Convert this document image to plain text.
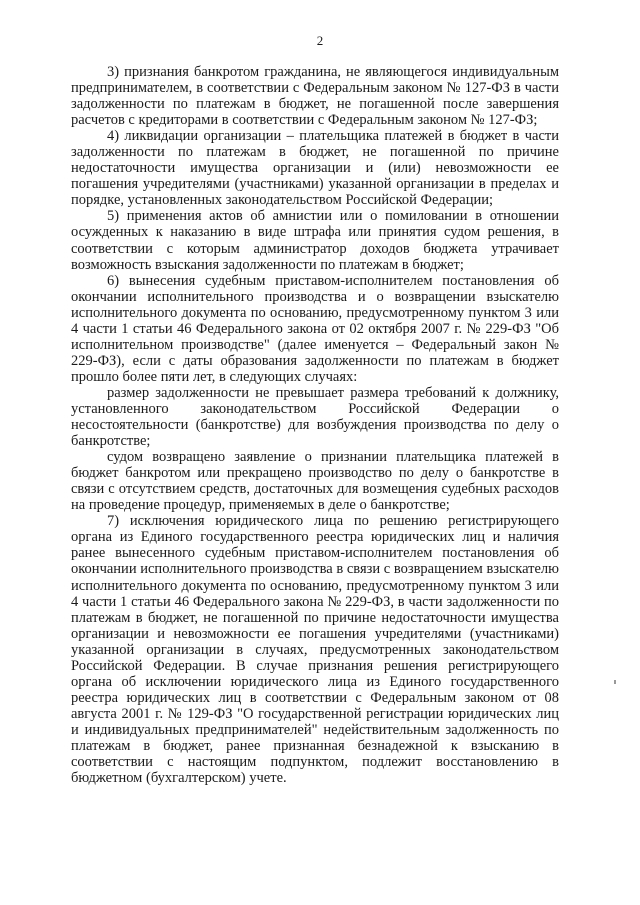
2

3) признания банкротом гражданина, не являющегося индивидуальным предпринимателем, в соответствии с Федеральным законом № 127-ФЗ в части задолженности по платежам в бюджет, не погашенной после завершения расчетов с кредиторами в соответствии с Федеральным законом № 127-ФЗ;

4) ликвидации организации – плательщика платежей в бюджет в части задолженности по платежам в бюджет, не погашенной по причине недостаточности имущества организации и (или) невозможности ее погашения учредителями (участниками) указанной организации в пределах и порядке, установленных законодательством Российской Федерации;

5) применения актов об амнистии или о помиловании в отношении осужденных к наказанию в виде штрафа или принятия судом решения, в соответствии с которым администратор доходов бюджета утрачивает возможность взыскания задолженности по платежам в бюджет;

6) вынесения судебным приставом-исполнителем постановления об окончании исполнительного производства и о возвращении взыскателю исполнительного документа по основанию, предусмотренному пунктом 3 или 4 части 1 статьи 46 Федерального закона от 02 октября 2007 г. № 229-ФЗ "Об исполнительном производстве" (далее именуется – Федеральный закон № 229-ФЗ), если с даты образования задолженности по платежам в бюджет прошло более пяти лет, в следующих случаях:

размер задолженности не превышает размера требований к должнику, установленного законодательством Российской Федерации о несостоятельности (банкротстве) для возбуждения производства по делу о банкротстве;

судом возвращено заявление о признании плательщика платежей в бюджет банкротом или прекращено производство по делу о банкротстве в связи с отсутствием средств, достаточных для возмещения судебных расходов на проведение процедур, применяемых в деле о банкротстве;

7) исключения юридического лица по решению регистрирующего органа из Единого государственного реестра юридических лиц и наличия ранее вынесенного судебным приставом-исполнителем постановления об окончании исполнительного производства в связи с возвращением взыскателю исполнительного документа по основанию, предусмотренному пунктом 3 или 4 части 1 статьи 46 Федерального закона № 229-ФЗ, в части задолженности по платежам в бюджет, не погашенной по причине недостаточности имущества организации и невозможности ее погашения учредителями (участниками) указанной организации в случаях, предусмотренных законодательством Российской Федерации. В случае признания решения регистрирующего органа об исключении юридического лица из Единого государственного реестра юридических лиц в соответствии с Федеральным законом от 08 августа 2001 г. № 129-ФЗ "О государственной регистрации юридических лиц и индивидуальных предпринимателей" недействительным задолженность по платежам в бюджет, ранее признанная безнадежной к взысканию в соответствии с настоящим подпунктом, подлежит восстановлению в бюджетном (бухгалтерском) учете.
